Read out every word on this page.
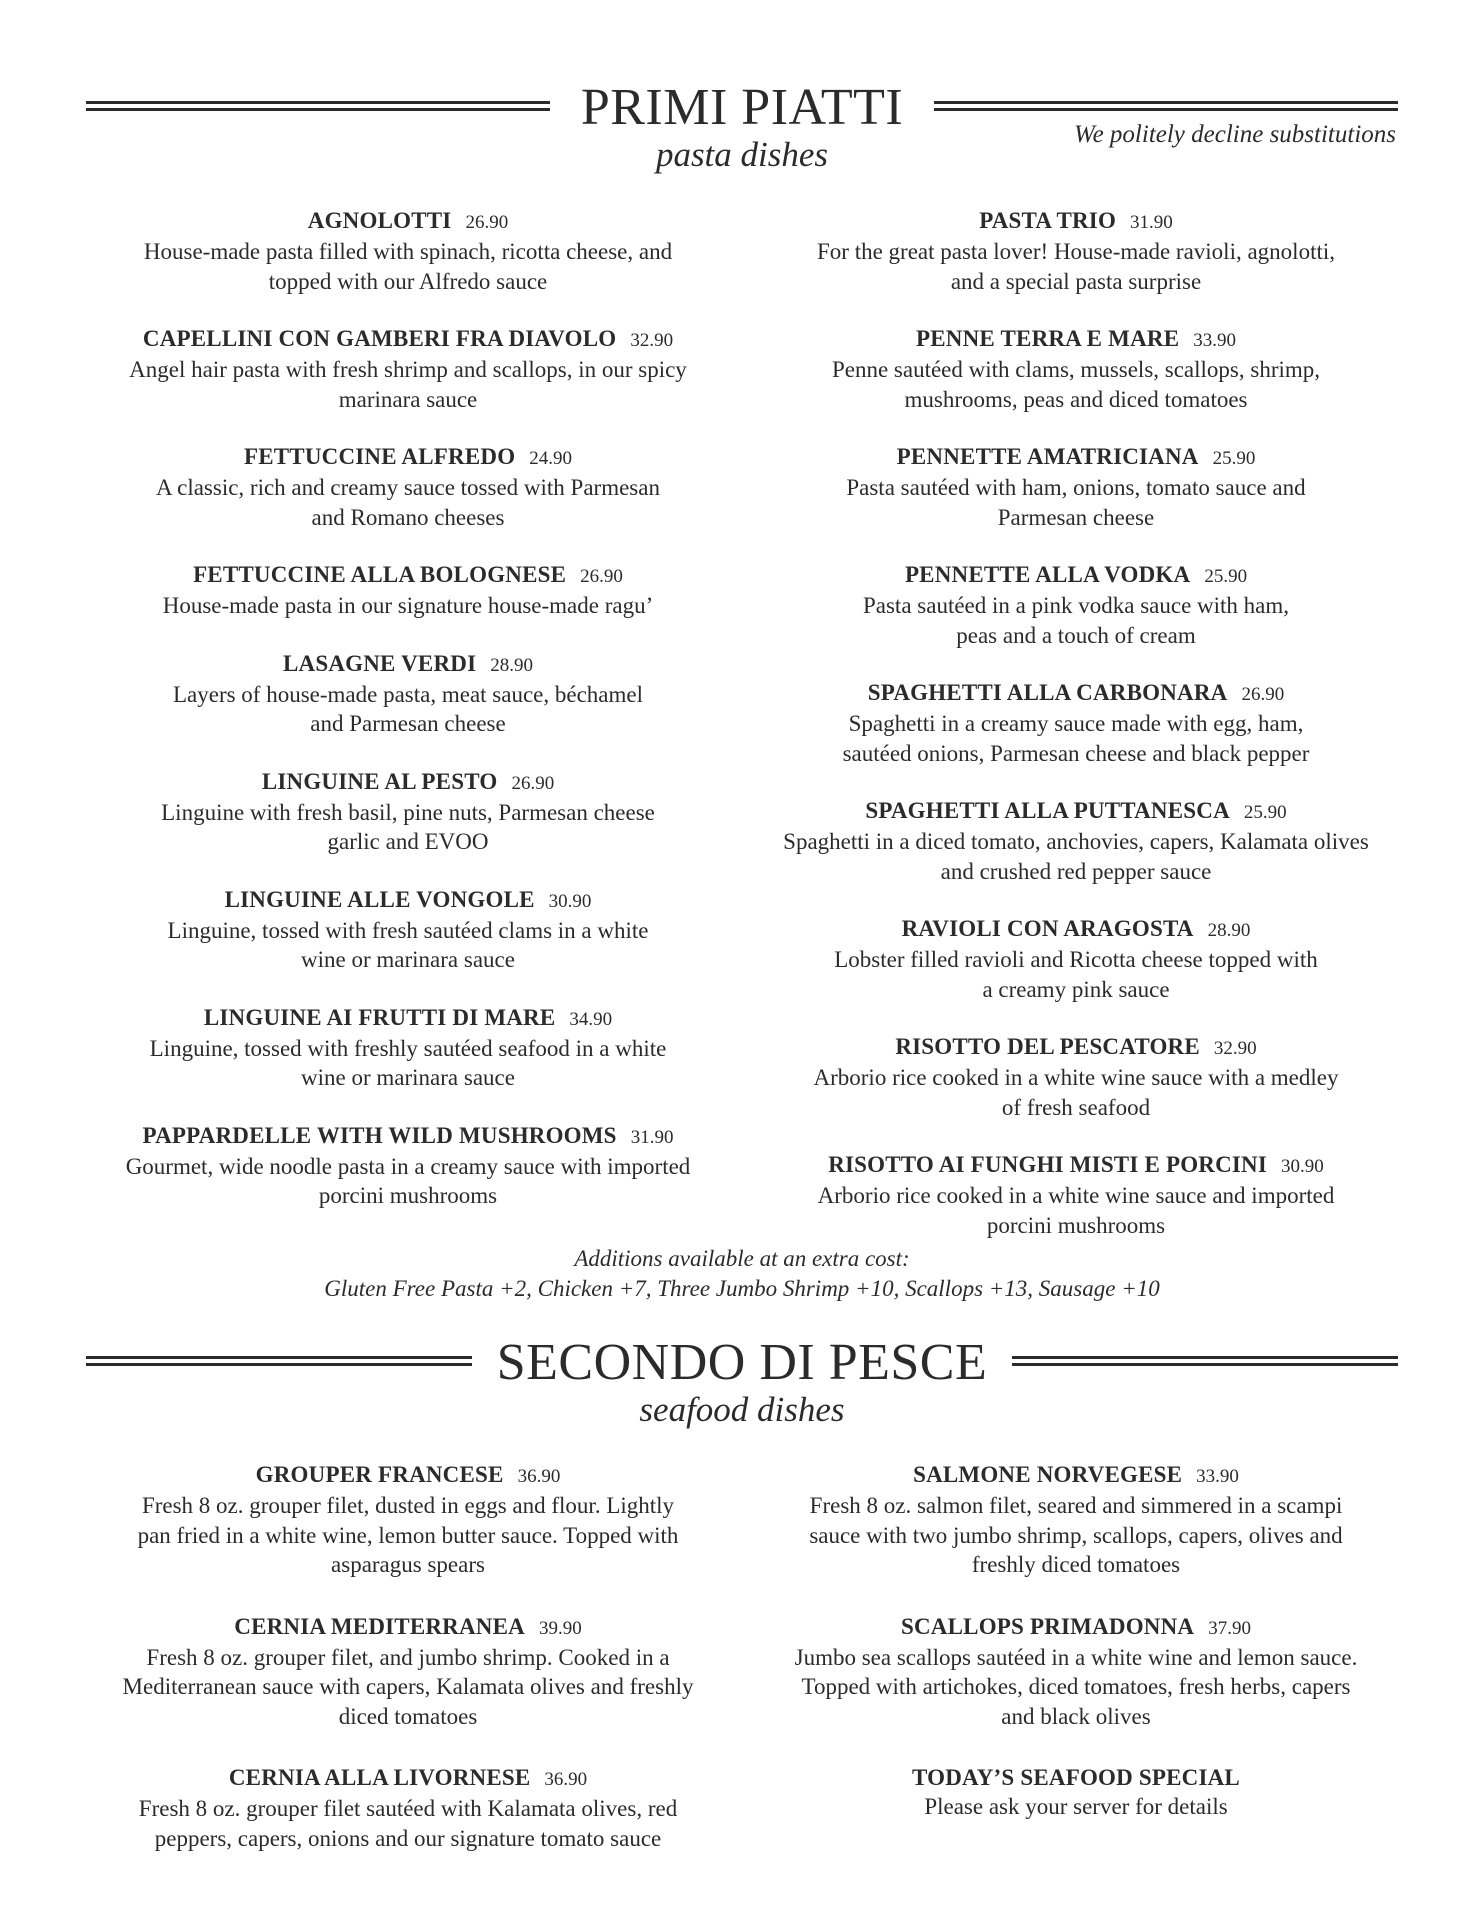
PRIMI PIATTI
pasta dishes
We politely decline substitutions
AGNOLOTTI 26.90
House-made pasta filled with spinach, ricotta cheese, and
topped with our Alfredo sauce
CAPELLINI CON GAMBERI FRA DIAVOLO 32.90
Angel hair pasta with fresh shrimp and scallops, in our spicy
marinara sauce
FETTUCCINE ALFREDO 24.90
A classic, rich and creamy sauce tossed with Parmesan
and Romano cheeses
FETTUCCINE ALLA BOLOGNESE 26.90
House-made pasta in our signature house-made ragu’
LASAGNE VERDI 28.90
Layers of house-made pasta, meat sauce, béchamel
and Parmesan cheese
LINGUINE AL PESTO 26.90
Linguine with fresh basil, pine nuts, Parmesan cheese
garlic and EVOO
LINGUINE ALLE VONGOLE 30.90
Linguine, tossed with fresh sautéed clams in a white
wine or marinara sauce
LINGUINE AI FRUTTI DI MARE 34.90
Linguine, tossed with freshly sautéed seafood in a white
wine or marinara sauce
PAPPARDELLE WITH WILD MUSHROOMS 31.90
Gourmet, wide noodle pasta in a creamy sauce with imported
porcini mushrooms
PASTA TRIO 31.90
For the great pasta lover! House-made ravioli, agnolotti,
and a special pasta surprise
PENNE TERRA E MARE 33.90
Penne sautéed with clams, mussels, scallops, shrimp,
mushrooms, peas and diced tomatoes
PENNETTE AMATRICIANA 25.90
Pasta sautéed with ham, onions, tomato sauce and
Parmesan cheese
PENNETTE ALLA VODKA 25.90
Pasta sautéed in a pink vodka sauce with ham,
peas and a touch of cream
SPAGHETTI ALLA CARBONARA 26.90
Spaghetti in a creamy sauce made with egg, ham,
sautéed onions, Parmesan cheese and black pepper
SPAGHETTI ALLA PUTTANESCA 25.90
Spaghetti in a diced tomato, anchovies, capers, Kalamata olives
and crushed red pepper sauce
RAVIOLI CON ARAGOSTA 28.90
Lobster filled ravioli and Ricotta cheese topped with
a creamy pink sauce
RISOTTO DEL PESCATORE 32.90
Arborio rice cooked in a white wine sauce with a medley
of fresh seafood
RISOTTO AI FUNGHI MISTI E PORCINI 30.90
Arborio rice cooked in a white wine sauce and imported
porcini mushrooms
Additions available at an extra cost:
Gluten Free Pasta +2, Chicken +7, Three Jumbo Shrimp +10, Scallops +13, Sausage +10
SECONDO DI PESCE
seafood dishes
GROUPER FRANCESE 36.90
Fresh 8 oz. grouper filet, dusted in eggs and flour. Lightly
pan fried in a white wine, lemon butter sauce. Topped with
asparagus spears
CERNIA MEDITERRANEA 39.90
Fresh 8 oz. grouper filet, and jumbo shrimp. Cooked in a
Mediterranean sauce with capers, Kalamata olives and freshly
diced tomatoes
CERNIA ALLA LIVORNESE 36.90
Fresh 8 oz. grouper filet sautéed with Kalamata olives, red
peppers, capers, onions and our signature tomato sauce
SALMONE NORVEGESE 33.90
Fresh 8 oz. salmon filet, seared and simmered in a scampi
sauce with two jumbo shrimp, scallops, capers, olives and
freshly diced tomatoes
SCALLOPS PRIMADONNA 37.90
Jumbo sea scallops sautéed in a white wine and lemon sauce.
Topped with artichokes, diced tomatoes, fresh herbs, capers
and black olives
TODAY’S SEAFOOD SPECIAL
Please ask your server for details
